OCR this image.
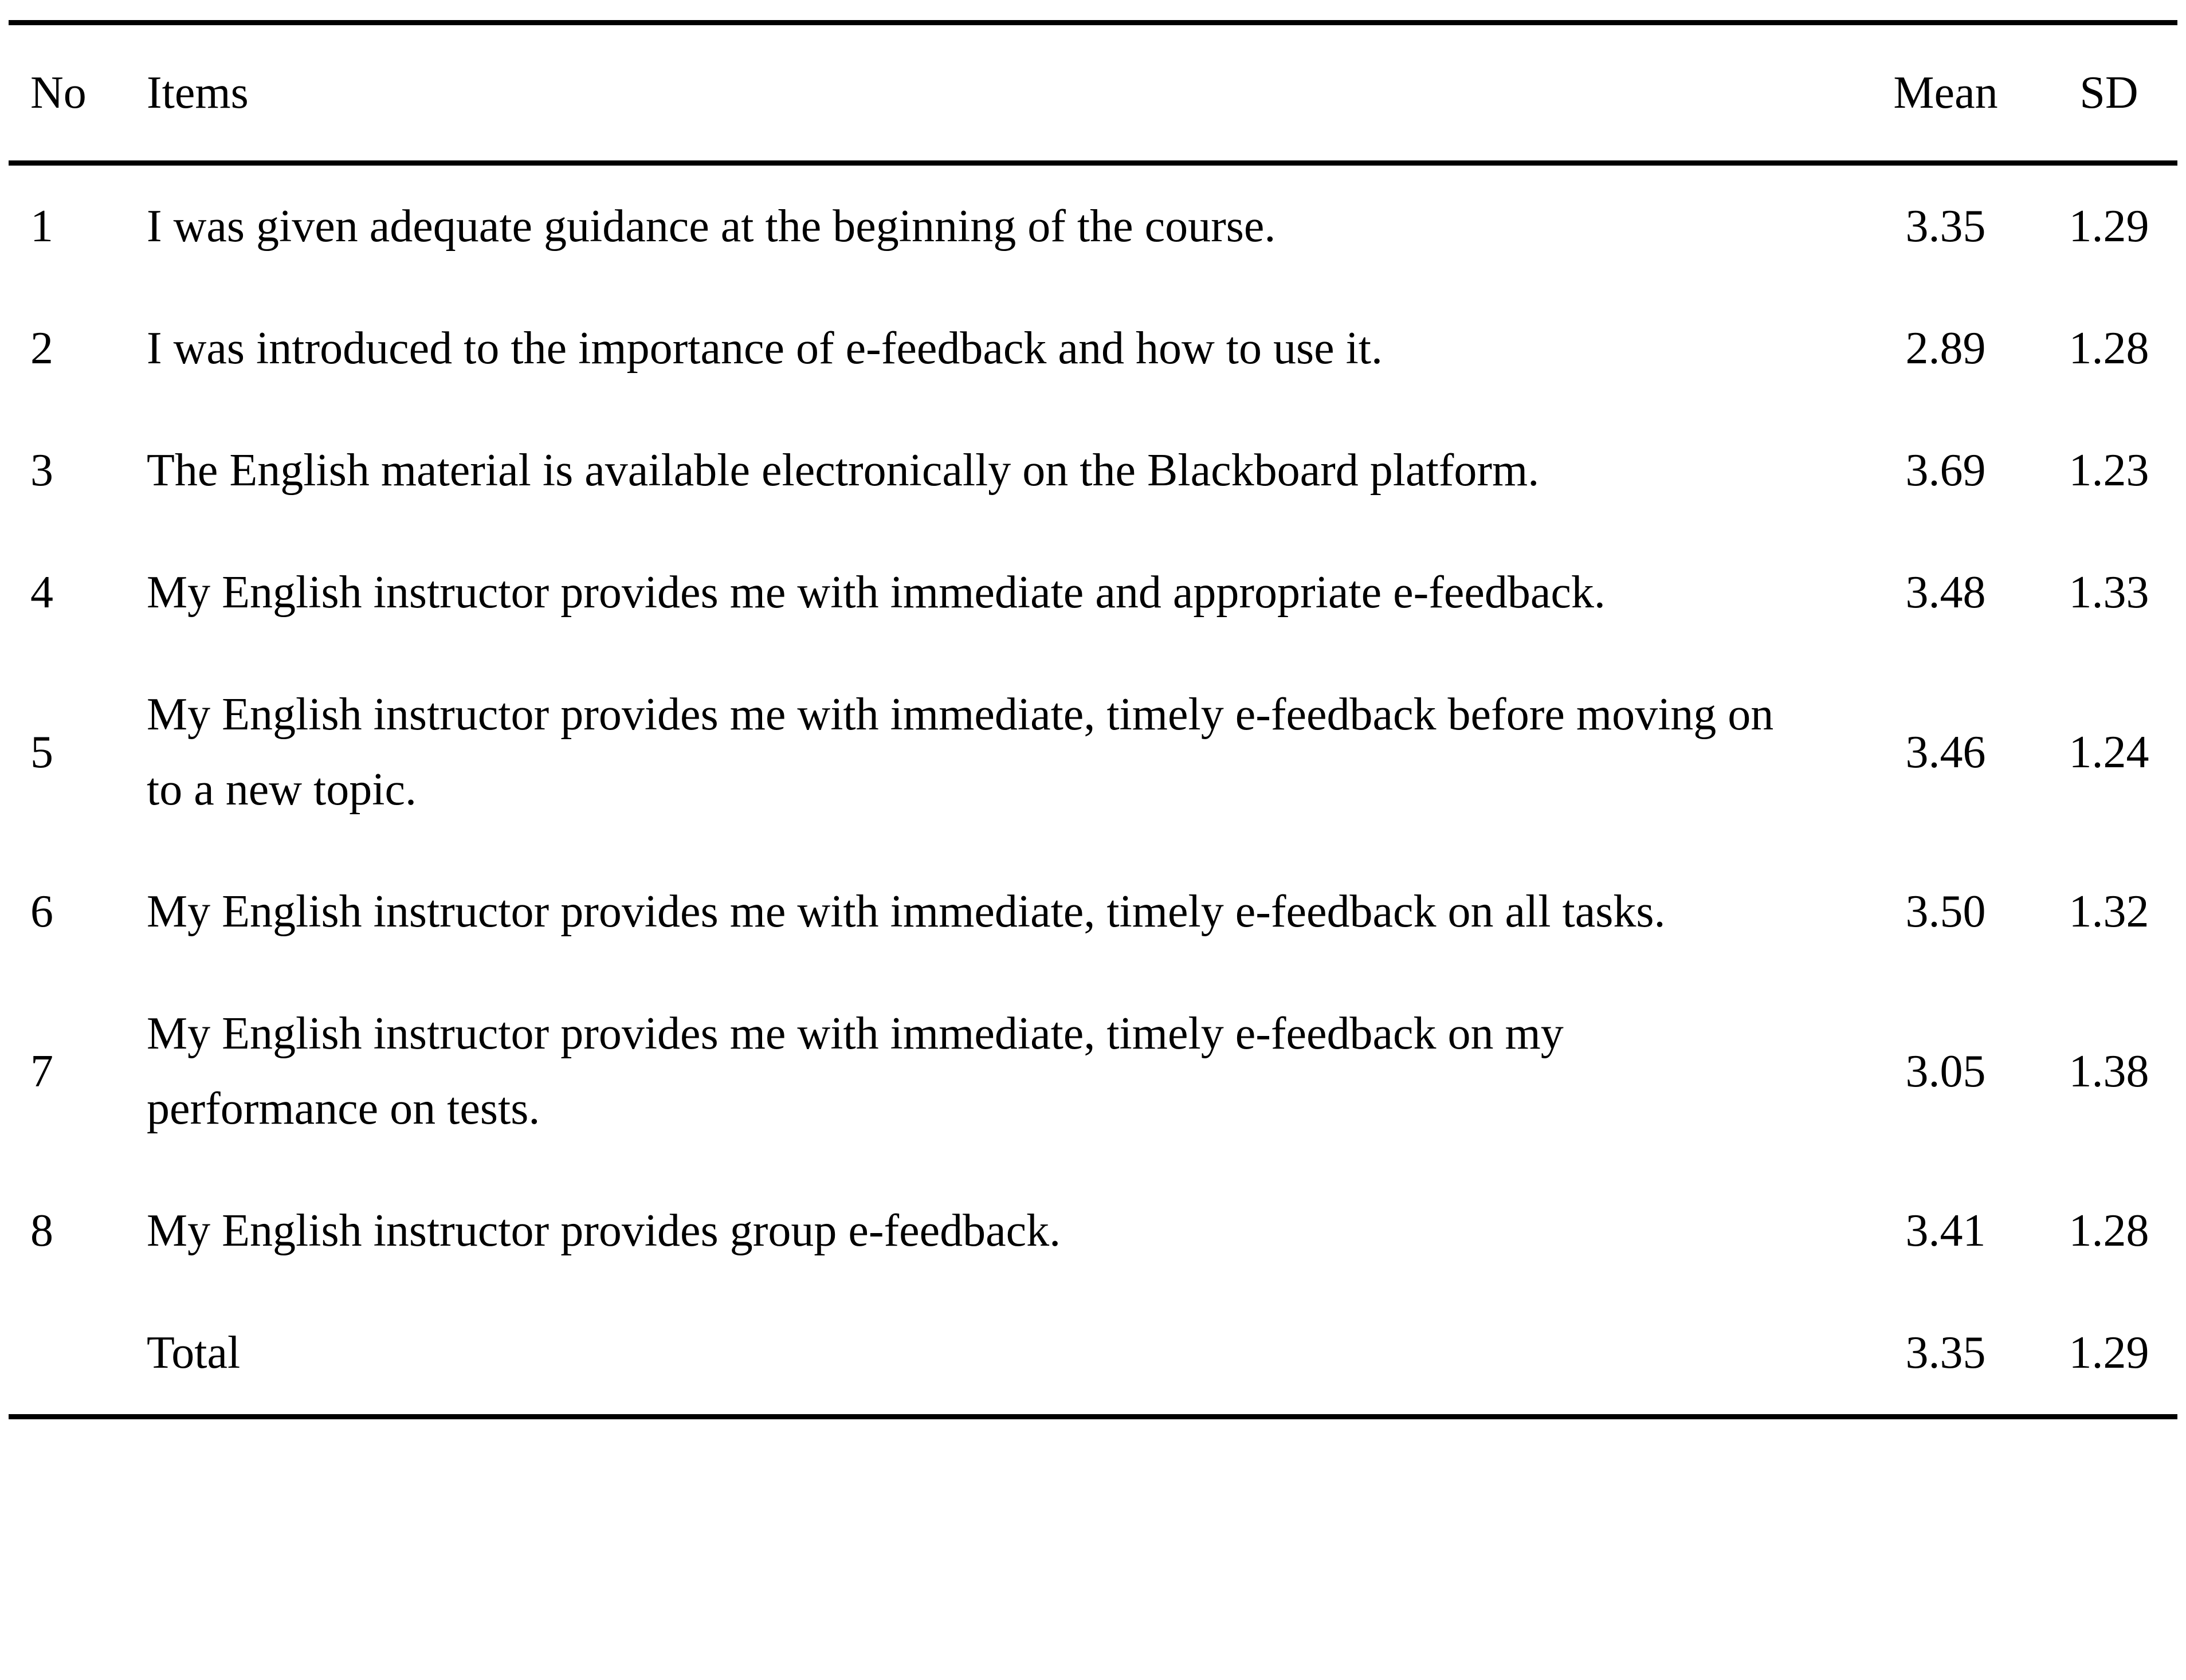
No	Items	Mean	SD
1	I was given adequate guidance at the beginning of the course.	3.35	1.29
2	I was introduced to the importance of e-feedback and how to use it.	2.89	1.28
3	The English material is available electronically on the Blackboard platform.	3.69	1.23
4	My English instructor provides me with immediate and appropriate e-feedback.	3.48	1.33
5	My English instructor provides me with immediate, timely e-feedback before moving on to a new topic.	3.46	1.24
6	My English instructor provides me with immediate, timely e-feedback on all tasks.	3.50	1.32
7	My English instructor provides me with immediate, timely e-feedback on my performance on tests.	3.05	1.38
8	My English instructor provides group e-feedback.	3.41	1.28
	Total	3.35	1.29
